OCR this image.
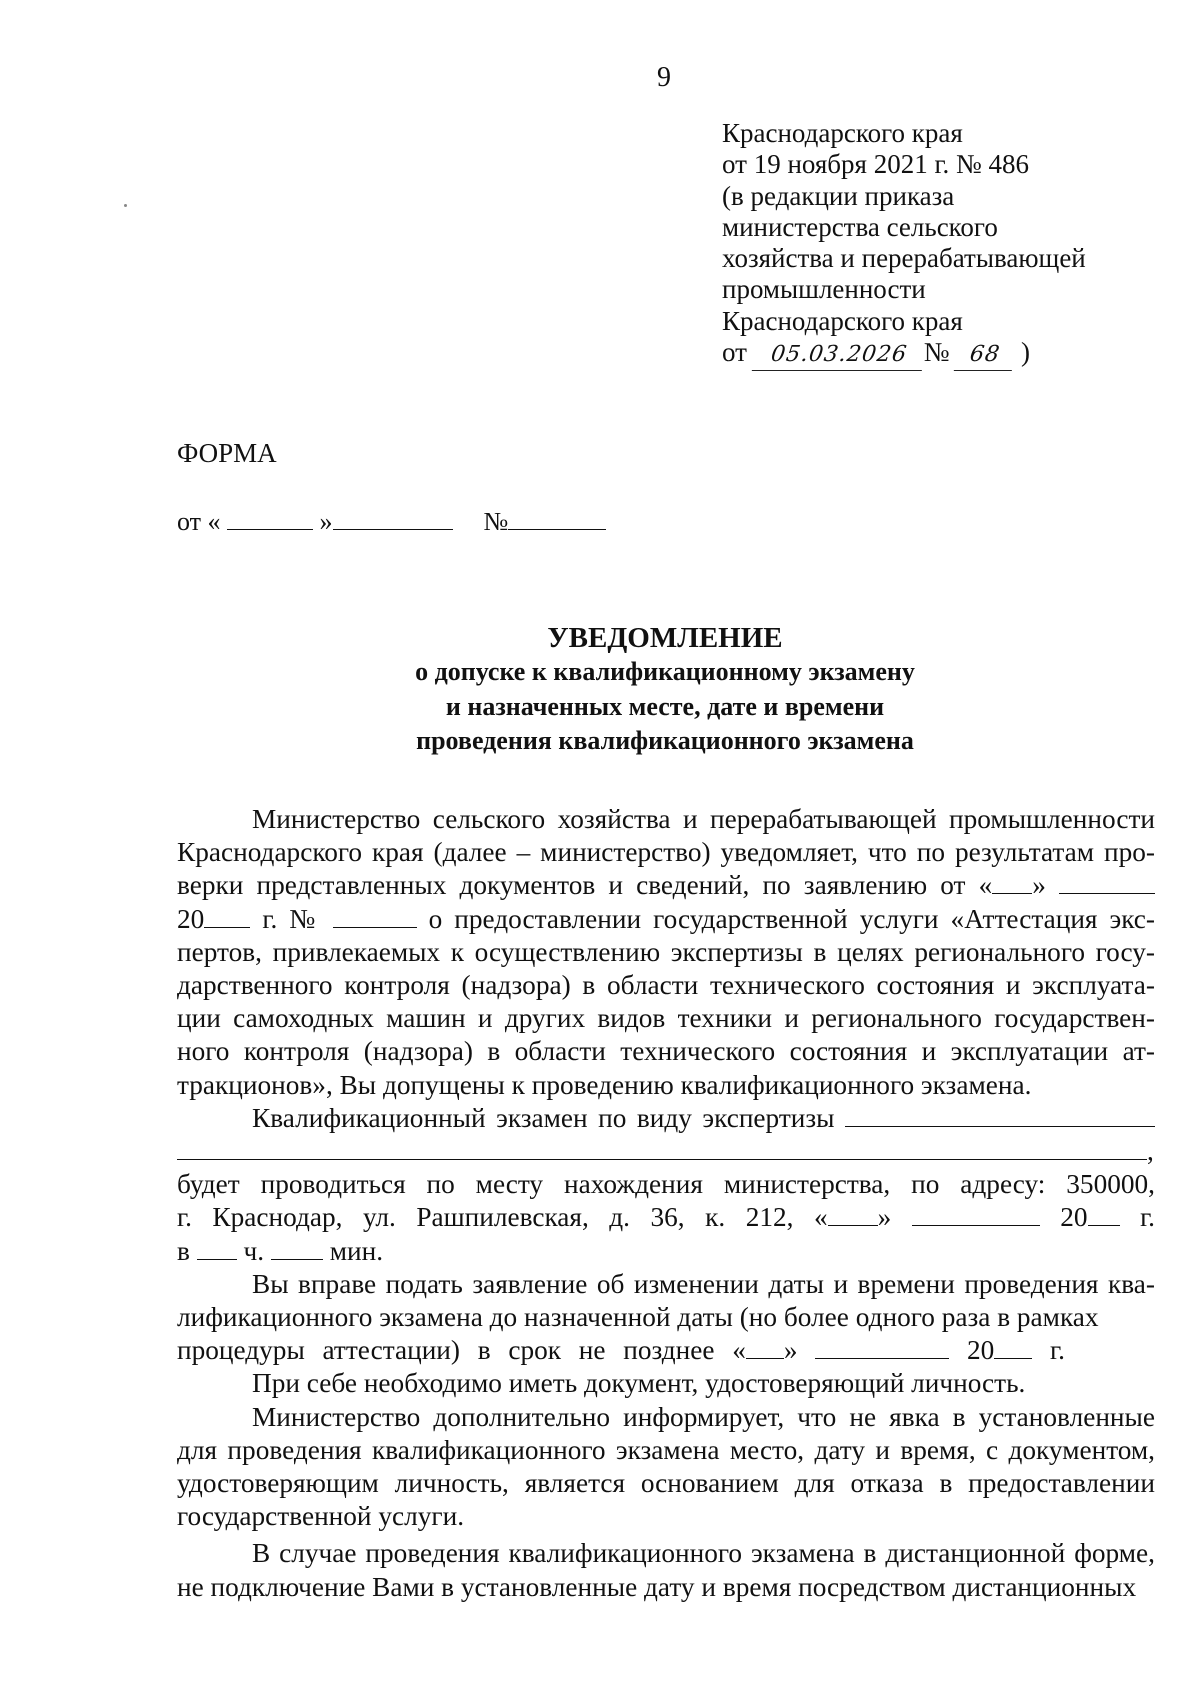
9
Краснодарского края
от 19 ноября 2021 г. № 486
(в редакции приказа
министерства сельского
хозяйства и перерабатывающей
промышленности
Краснодарского края
от 05.03.2026 № 68 )
ФОРМА
от «	»	№
УВЕДОМЛЕНИЕ
о допуске к квалификационному экзамену
и назначенных месте, дате и времени
проведения квалификационного экзамена

Министерство сельского хозяйства и перерабатывающей промышленности

Краснодарского края (далее – министерство) уведомляет, что по результатам про-

верки представленных документов и сведений, по заявлению от « »

20 г. №	о предоставлении государственной услуги «Аттестация экс-

пертов, привлекаемых к осуществлению экспертизы в целях регионального госу- дарственного контроля (надзора) в области технического состояния и эксплуата- ции самоходных машин и других видов техники и регионального государствен- ного контроля (надзора) в области технического состояния и эксплуатации ат- тракционов», Вы допущены к проведению квалификационного экзамена.

Квалификационный экзамен по виду экспертизы

,

будет проводиться по месту нахождения министерства, по адресу: 350000,

г. Краснодар, ул. Рашпилевская, д. 36, к. 212, « »	20 г.

в ч. мин.

Вы вправе подать заявление об изменении даты и времени проведения ква- лификационного экзамена до назначенной даты (но более одного раза в рамках

процедуры аттестации) в срок не позднее « »	20 г.

При себе необходимо иметь документ, удостоверяющий личность.

Министерство дополнительно информирует, что не явка в установленные для проведения квалификационного экзамена место, дату и время, с документом, удостоверяющим личность, является основанием для отказа в предоставлении государственной услуги.

В случае проведения квалификационного экзамена в дистанционной форме, не подключение Вами в установленные дату и время посредством дистанционных
